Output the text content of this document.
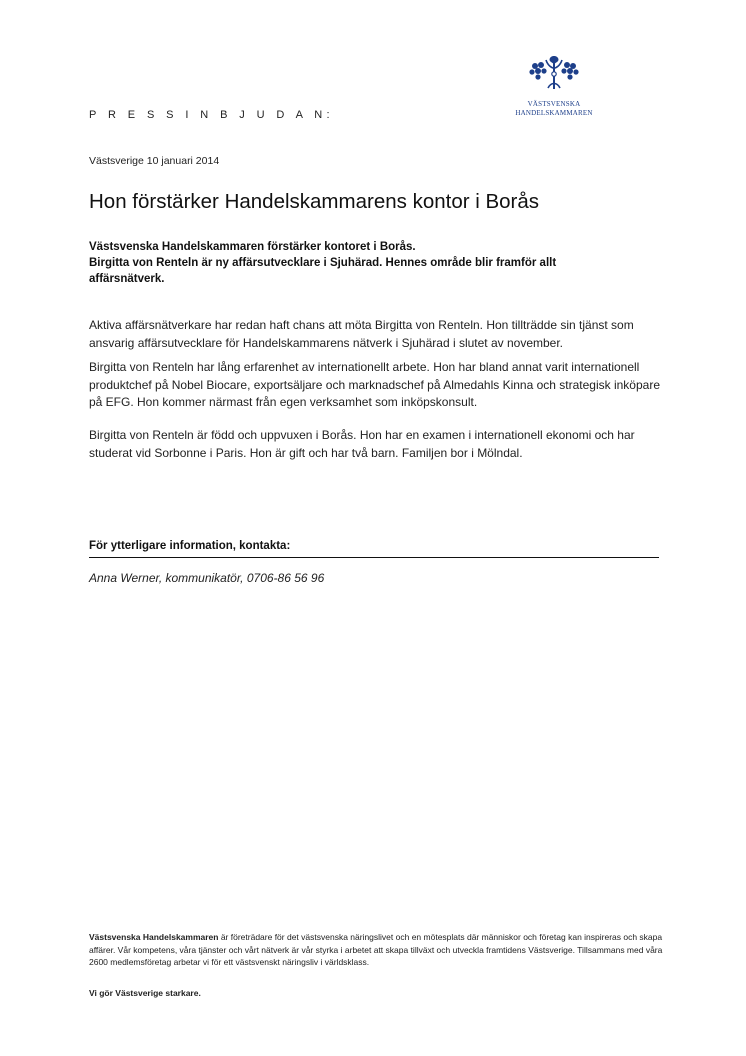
P R E S S I N B J U D A N:
VÄSTSVENSKA
HANDELSKAMMAREN
Västsverige 10 januari 2014
Hon förstärker Handelskammarens kontor i Borås
Västsvenska Handelskammaren förstärker kontoret i Borås.
Birgitta von Renteln är ny affärsutvecklare i Sjuhärad. Hennes område blir framför allt affärsnätverk.
Aktiva affärsnätverkare har redan haft chans att möta Birgitta von Renteln. Hon tillträdde sin tjänst som ansvarig affärsutvecklare för Handelskammarens nätverk i Sjuhärad i slutet av november.
Birgitta von Renteln har lång erfarenhet av internationellt arbete. Hon har bland annat varit internationell produktchef på Nobel Biocare, exportsäljare och marknadschef på Almedahls Kinna och strategisk inköpare på EFG. Hon kommer närmast från egen verksamhet som inköpskonsult.
Birgitta von Renteln är född och uppvuxen i Borås. Hon har en examen i internationell ekonomi och har studerat vid Sorbonne i Paris. Hon är gift och har två barn. Familjen bor i Mölndal.
För ytterligare information, kontakta:
Anna Werner, kommunikatör, 0706-86 56 96
Västsvenska Handelskammaren är företrädare för det västsvenska näringslivet och en mötesplats där människor och företag kan inspireras och skapa affärer. Vår kompetens, våra tjänster och vårt nätverk är vår styrka i arbetet att skapa tillväxt och utveckla framtidens Västsverige. Tillsammans med våra 2600 medlemsföretag arbetar vi för ett västsvenskt näringsliv i världsklass.
Vi gör Västsverige starkare.
